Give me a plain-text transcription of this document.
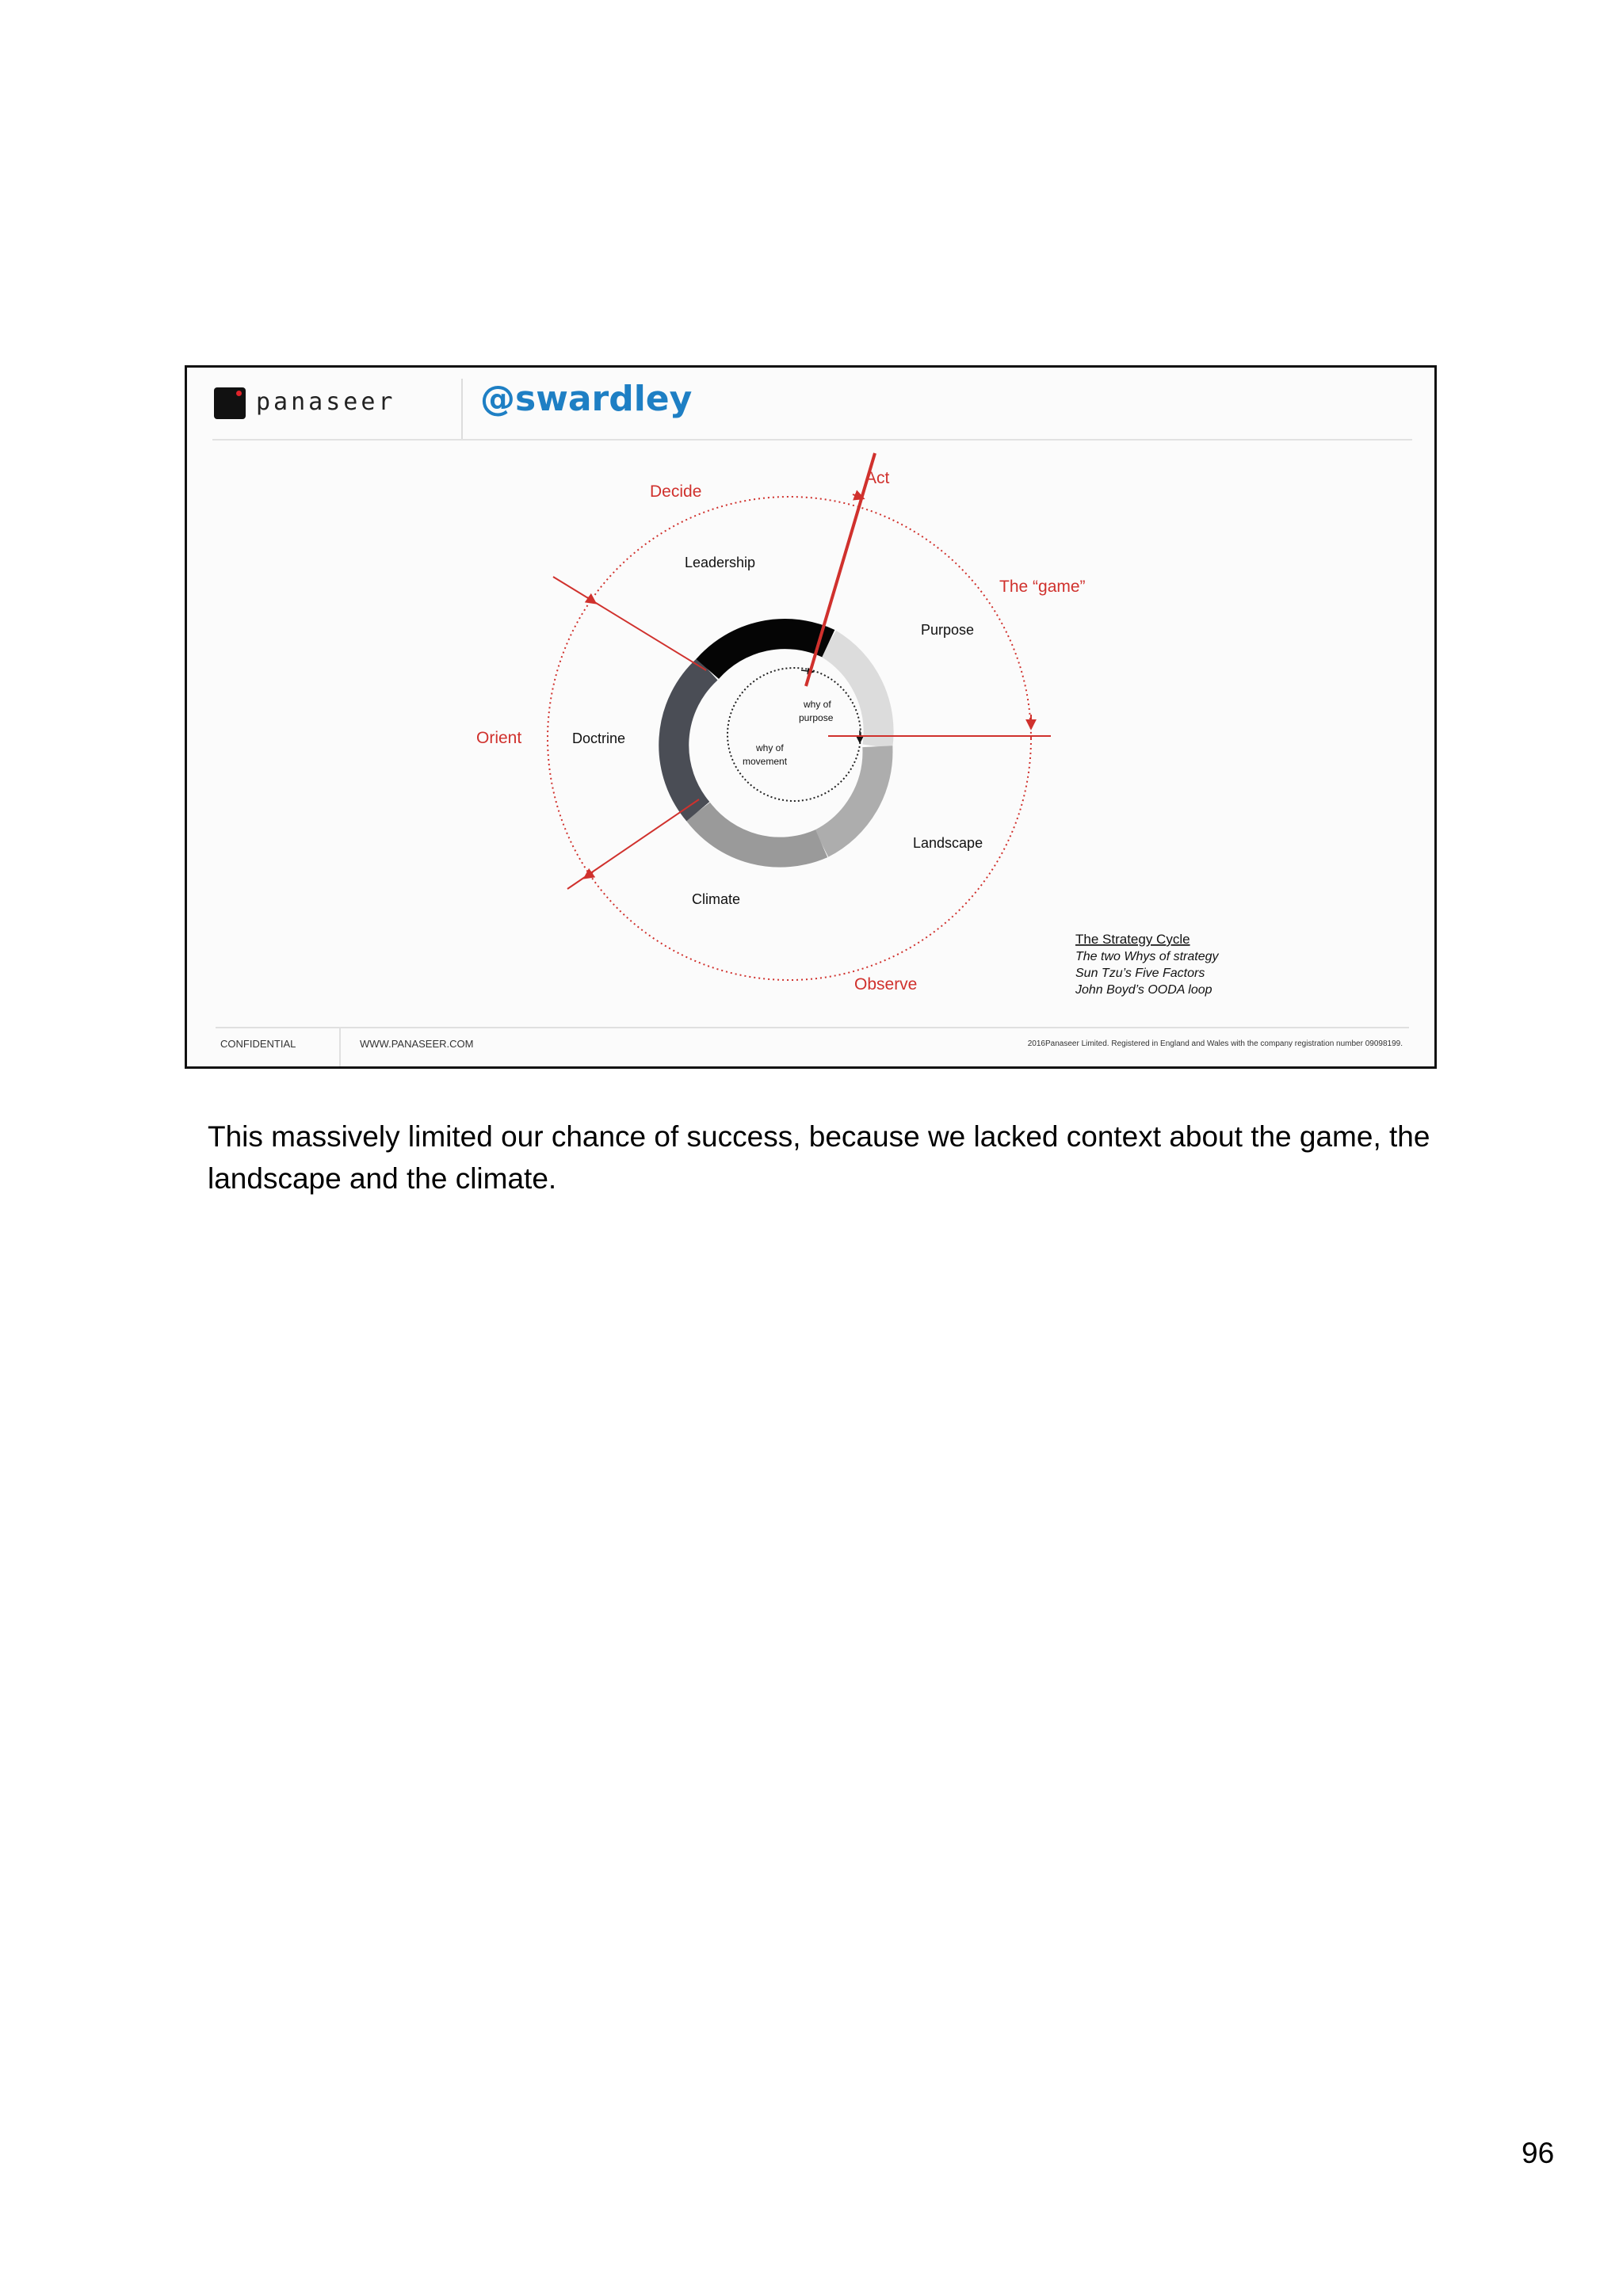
panaseer @swardley
Decide
Act
The “game”
Orient
Observe
Leadership
Purpose
Doctrine
Landscape
Climate
why of
purpose
why of
movement
The Strategy Cycle
The two Whys of strategy
Sun Tzu’s Five Factors
John Boyd’s OODA loop
CONFIDENTIAL	WWW.PANASEER.COM	2016Panaseer Limited. Registered in England and Wales with the company registration number 09098199.

This massively limited our chance of success, because we lacked context about the game, the landscape and the climate.

96
